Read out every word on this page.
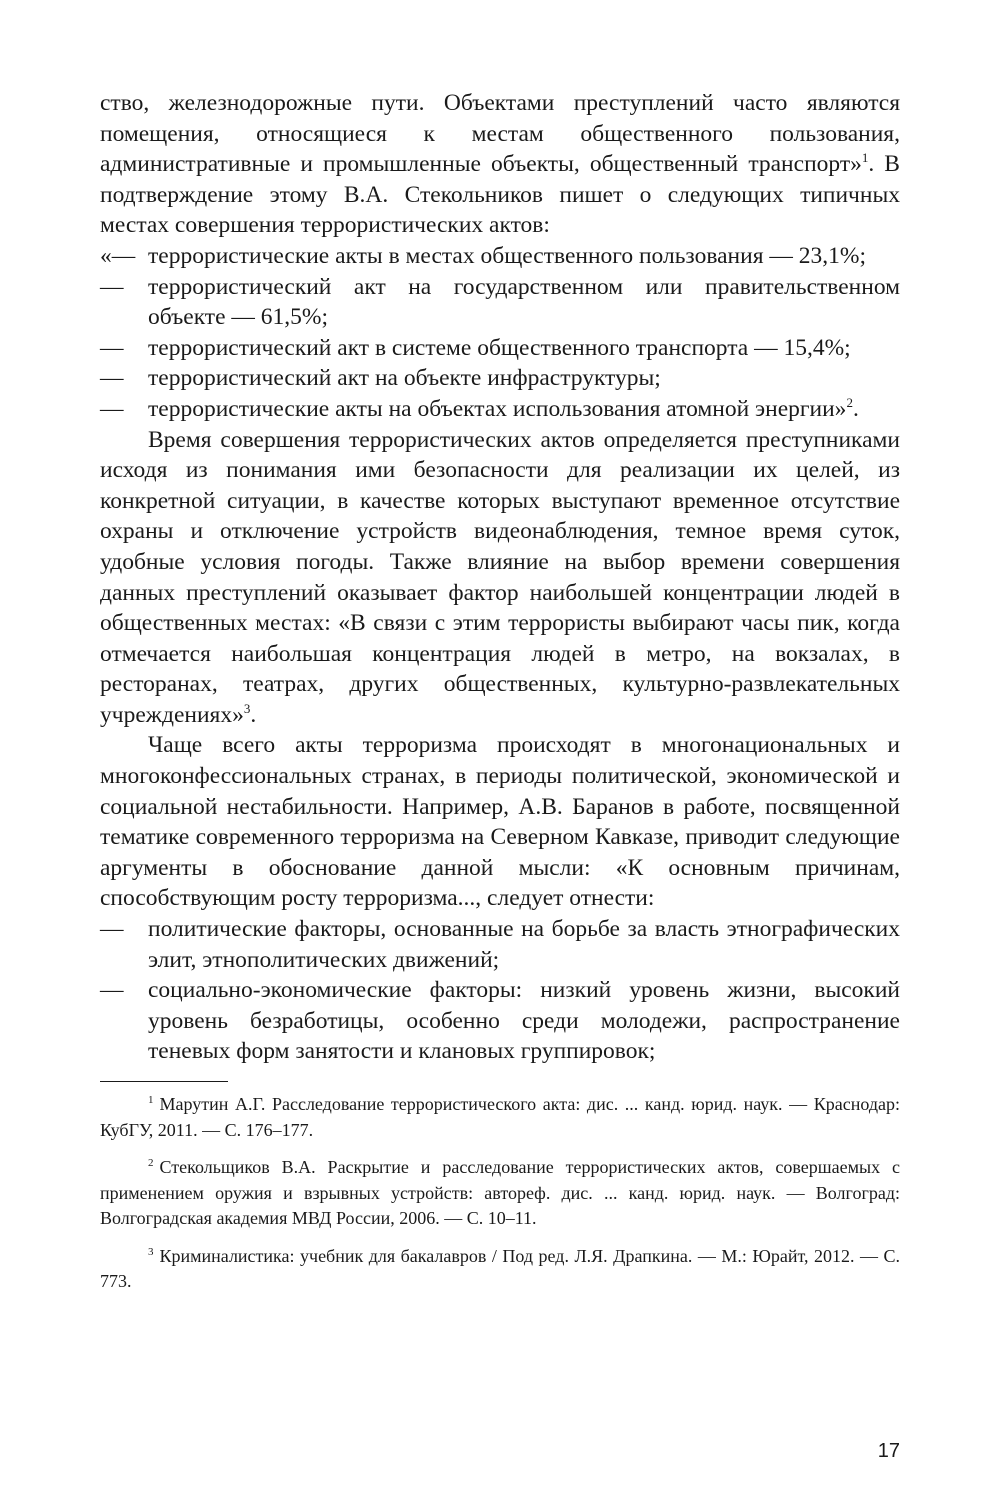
ство, железнодорожные пути. Объектами преступлений часто являются помещения, относящиеся к местам общественного пользования, административные и промышленные объекты, общественный транспорт»$^1$. В подтверждение этому В.А. Стекольников пишет о следующих типичных местах совершения террористических актов:

«— террористические акты в местах общественного пользования — 23,1%;
— террористический акт на государственном или правительственном объекте — 61,5%;
— террористический акт в системе общественного транспорта — 15,4%;
— террористический акт на объекте инфраструктуры;
— террористические акты на объектах использования атомной энергии»$^2$.

Время совершения террористических актов определяется преступниками исходя из понимания ими безопасности для реализации их целей, из конкретной ситуации, в качестве которых выступают временное отсутствие охраны и отключение устройств видеонаблюдения, темное время суток, удобные условия погоды. Также влияние на выбор времени совершения данных преступлений оказывает фактор наибольшей концентрации людей в общественных местах: «В связи с этим террористы выбирают часы пик, когда отмечается наибольшая концентрация людей в метро, на вокзалах, в ресторанах, театрах, других общественных, культурно-развлекательных учреждениях»$^3$.

Чаще всего акты терроризма происходят в многонациональных и многоконфессиональных странах, в периоды политической, экономической и социальной нестабильности. Например, А.В. Баранов в работе, посвященной тематике современного терроризма на Северном Кавказе, приводит следующие аргументы в обоснование данной мысли: «К основным причинам, способствующим росту терроризма..., следует отнести:

— политические факторы, основанные на борьбе за власть этнографических элит, этнополитических движений;
— социально-экономические факторы: низкий уровень жизни, высокий уровень безработицы, особенно среди молодежи, распространение теневых форм занятости и клановых группировок;

$^1$ Марутин А.Г. Расследование террористического акта: дис. ... канд. юрид. наук. — Краснодар: КубГУ, 2011. — С. 176–177.

$^2$ Стекольщиков В.А. Раскрытие и расследование террористических актов, совершаемых с применением оружия и взрывных устройств: автореф. дис. ... канд. юрид. наук. — Волгоград: Волгоградская академия МВД России, 2006. — С. 10–11.

$^3$ Криминалистика: учебник для бакалавров / Под ред. Л.Я. Драпкина. — М.: Юрайт, 2012. — С. 773.

17
